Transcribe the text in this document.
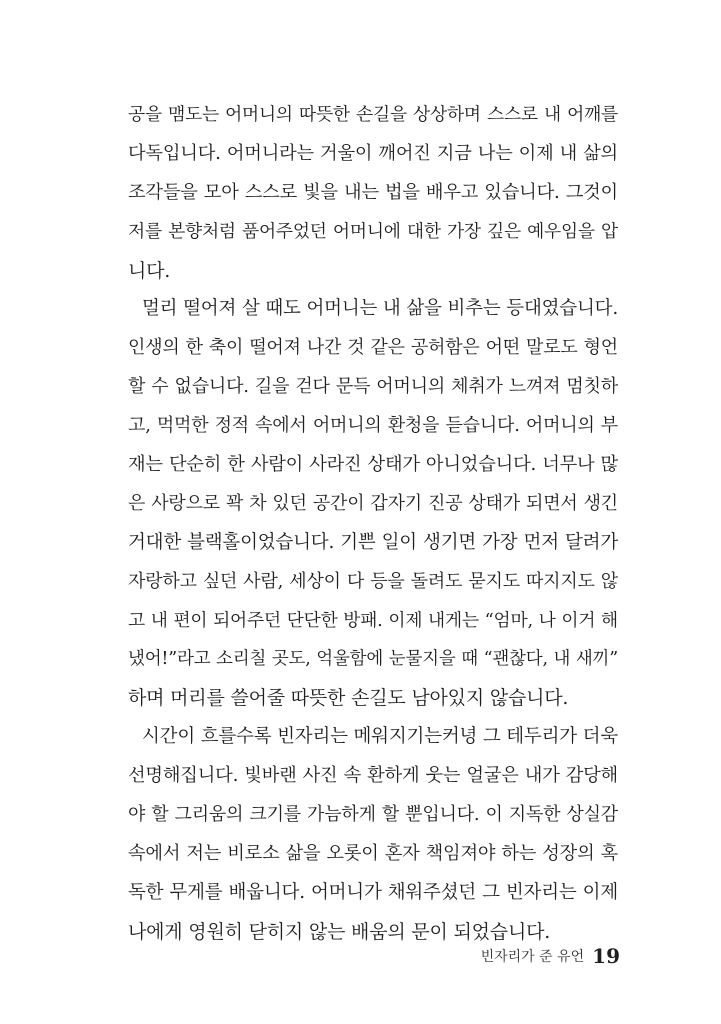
공을 맴도는 어머니의 따뜻한 손길을 상상하며 스스로 내 어깨를
다독입니다. 어머니라는 거울이 깨어진 지금 나는 이제 내 삶의
조각들을 모아 스스로 빛을 내는 법을 배우고 있습니다. 그것이
저를 본향처럼 품어주었던 어머니에 대한 가장 깊은 예우임을 압
니다.
멀리 떨어져 살 때도 어머니는 내 삶을 비추는 등대였습니다.
인생의 한 축이 떨어져 나간 것 같은 공허함은 어떤 말로도 형언
할 수 없습니다. 길을 걷다 문득 어머니의 체취가 느껴져 멈칫하
고, 먹먹한 정적 속에서 어머니의 환청을 듣습니다. 어머니의 부
재는 단순히 한 사람이 사라진 상태가 아니었습니다. 너무나 많
은 사랑으로 꽉 차 있던 공간이 갑자기 진공 상태가 되면서 생긴
거대한 블랙홀이었습니다. 기쁜 일이 생기면 가장 먼저 달려가
자랑하고 싶던 사람, 세상이 다 등을 돌려도 묻지도 따지지도 않
고 내 편이 되어주던 단단한 방패. 이제 내게는 “엄마, 나 이거 해
냈어!”라고 소리칠 곳도, 억울함에 눈물지을 때 “괜찮다, 내 새끼”
하며 머리를 쓸어줄 따뜻한 손길도 남아있지 않습니다.
시간이 흐를수록 빈자리는 메워지기는커녕 그 테두리가 더욱
선명해집니다. 빛바랜 사진 속 환하게 웃는 얼굴은 내가 감당해
야 할 그리움의 크기를 가늠하게 할 뿐입니다. 이 지독한 상실감
속에서 저는 비로소 삶을 오롯이 혼자 책임져야 하는 성장의 혹
독한 무게를 배웁니다. 어머니가 채워주셨던 그 빈자리는 이제
나에게 영원히 닫히지 않는 배움의 문이 되었습니다.
빈자리가 준 유언 19
